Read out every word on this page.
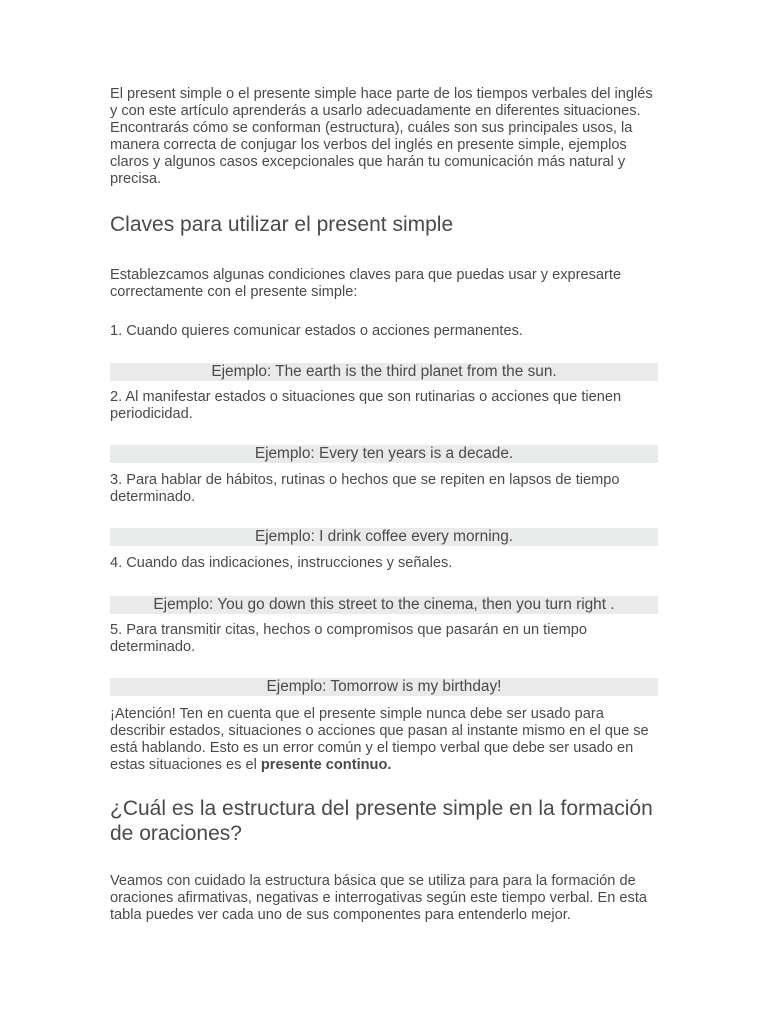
El present simple o el presente simple hace parte de los tiempos verbales del inglés y con este artículo aprenderás a usarlo adecuadamente en diferentes situaciones. Encontrarás cómo se conforman (estructura), cuáles son sus principales usos, la manera correcta de conjugar los verbos del inglés en presente simple, ejemplos claros y algunos casos excepcionales que harán tu comunicación más natural y precisa.

Claves para utilizar el present simple

Establezcamos algunas condiciones claves para que puedas usar y expresarte correctamente con el presente simple:

1. Cuando quieres comunicar estados o acciones permanentes.

Ejemplo: The earth is the third planet from the sun.

2. Al manifestar estados o situaciones que son rutinarias o acciones que tienen periodicidad.

Ejemplo: Every ten years is a decade.

3. Para hablar de hábitos, rutinas o hechos que se repiten en lapsos de tiempo determinado.

Ejemplo: I drink coffee every morning.

4. Cuando das indicaciones, instrucciones y señales.

Ejemplo: You go down this street to the cinema, then you turn right .

5. Para transmitir citas, hechos o compromisos que pasarán en un tiempo determinado.

Ejemplo: Tomorrow is my birthday!

¡Atención! Ten en cuenta que el presente simple nunca debe ser usado para describir estados, situaciones o acciones que pasan al instante mismo en el que se está hablando. Esto es un error común y el tiempo verbal que debe ser usado en estas situaciones es el presente continuo.

¿Cuál es la estructura del presente simple en la formación de oraciones?

Veamos con cuidado la estructura básica que se utiliza para para la formación de oraciones afirmativas, negativas e interrogativas según este tiempo verbal. En esta tabla puedes ver cada uno de sus componentes para entenderlo mejor.
